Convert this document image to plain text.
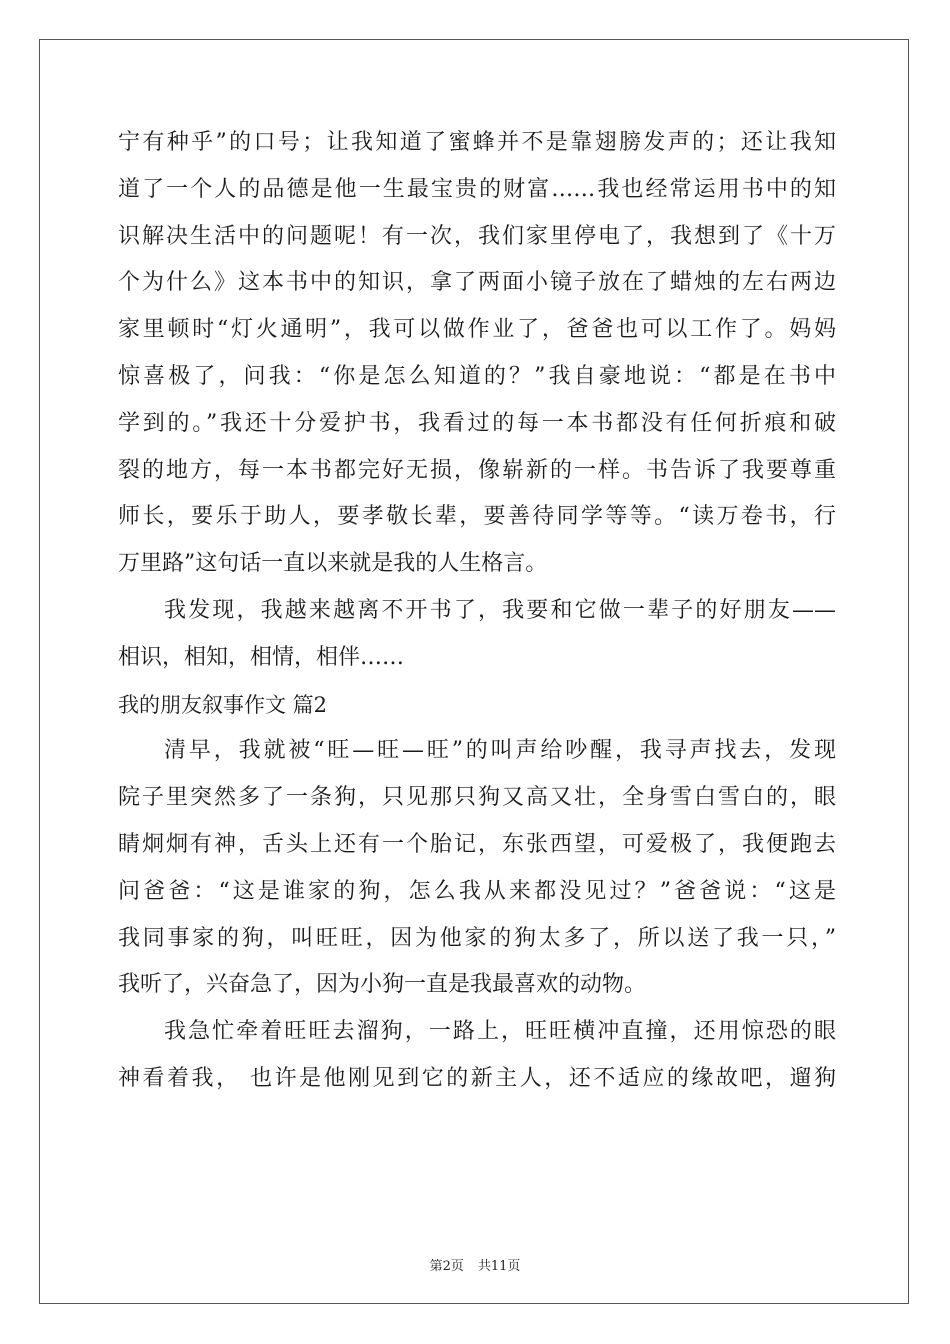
宁有种乎”的口号；让我知道了蜜蜂并不是靠翅膀发声的；还让我知
道了一个人的品德是他一生最宝贵的财富……我也经常运用书中的知
识解决生活中的问题呢！有一次，我们家里停电了，我想到了《十万
个为什么》这本书中的知识，拿了两面小镜子放在了蜡烛的左右两边
家里顿时“灯火通明”，我可以做作业了，爸爸也可以工作了。妈妈
惊喜极了，问我：“你是怎么知道的？”我自豪地说：“都是在书中
学到的。”我还十分爱护书，我看过的每一本书都没有任何折痕和破
裂的地方，每一本书都完好无损，像崭新的一样。书告诉了我要尊重
师长，要乐于助人，要孝敬长辈，要善待同学等等。“读万卷书，行
万里路”这句话一直以来就是我的人生格言。
我发现，我越来越离不开书了，我要和它做一辈子的好朋友——
相识，相知，相情，相伴……
我的朋友叙事作文 篇2
清早，我就被“旺—旺—旺”的叫声给吵醒，我寻声找去，发现
院子里突然多了一条狗，只见那只狗又高又壮，全身雪白雪白的，眼
睛炯炯有神，舌头上还有一个胎记，东张西望，可爱极了，我便跑去
问爸爸：“这是谁家的狗，怎么我从来都没见过？”爸爸说：“这是
我同事家的狗，叫旺旺，因为他家的狗太多了，所以送了我一只，”
我听了，兴奋急了，因为小狗一直是我最喜欢的动物。
我急忙牵着旺旺去溜狗，一路上，旺旺横冲直撞，还用惊恐的眼
神看着我， 也许是他刚见到它的新主人，还不适应的缘故吧，遛狗
第2页 共11页
